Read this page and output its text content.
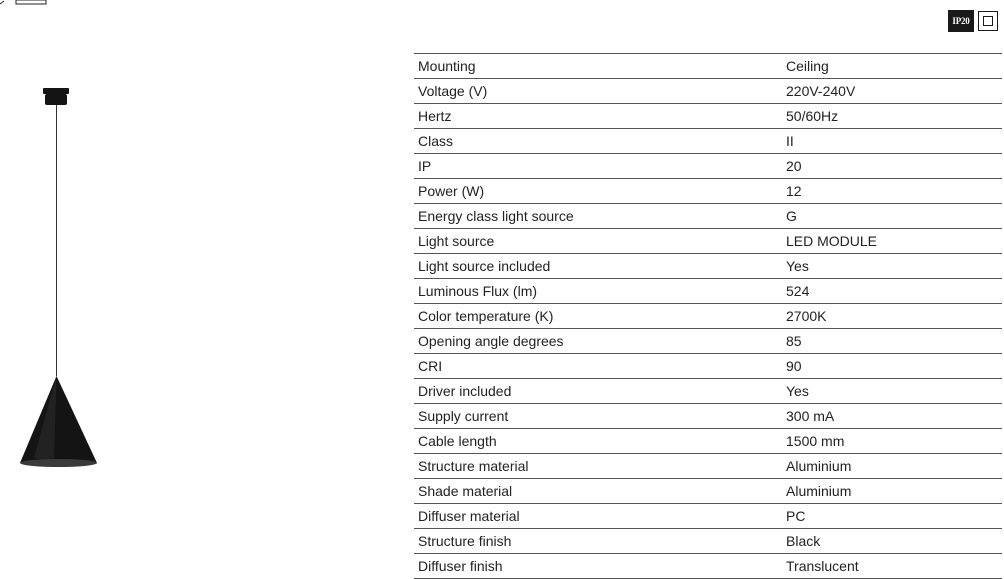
IP20
Mounting	Ceiling
Voltage (V)	220V-240V
Hertz	50/60Hz
Class	II
IP	20
Power (W)	12
Energy class light source	G
Light source	LED MODULE
Light source included	Yes
Luminous Flux (lm)	524
Color temperature (K)	2700K
Opening angle degrees	85
CRI	90
Driver included	Yes
Supply current	300 mA
Cable length	1500 mm
Structure material	Aluminium
Shade material	Aluminium
Diffuser material	PC
Structure finish	Black
Diffuser finish	Translucent
